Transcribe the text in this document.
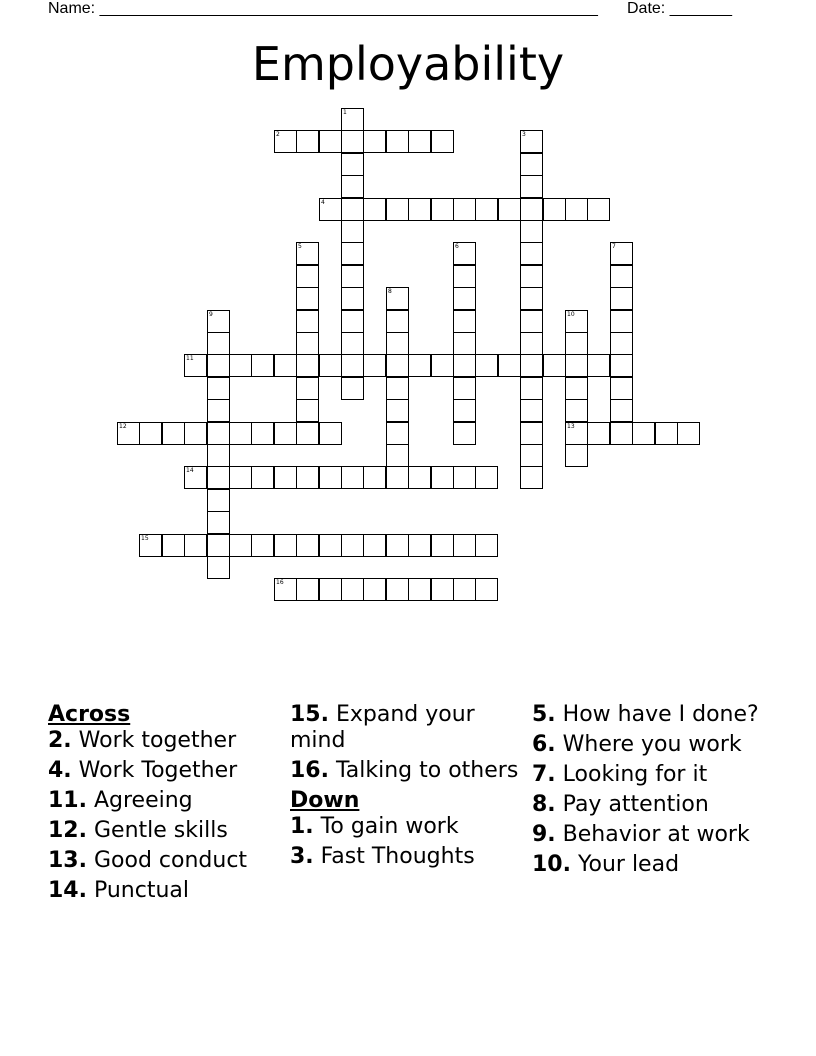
Name: ________________________________________________________ Date: _______
Employability
1
2	3
4
5	6	7
8
9	10
13
11
12
14
15
16
Across
2. Work together
4. Work Together
11. Agreeing
12. Gentle skills
13. Good conduct
14. Punctual
15. Expand your mind
16. Talking to others
Down
1. To gain work
3. Fast Thoughts
5. How have I done?
6. Where you work
7. Looking for it
8. Pay attention
9. Behavior at work
10. Your lead
